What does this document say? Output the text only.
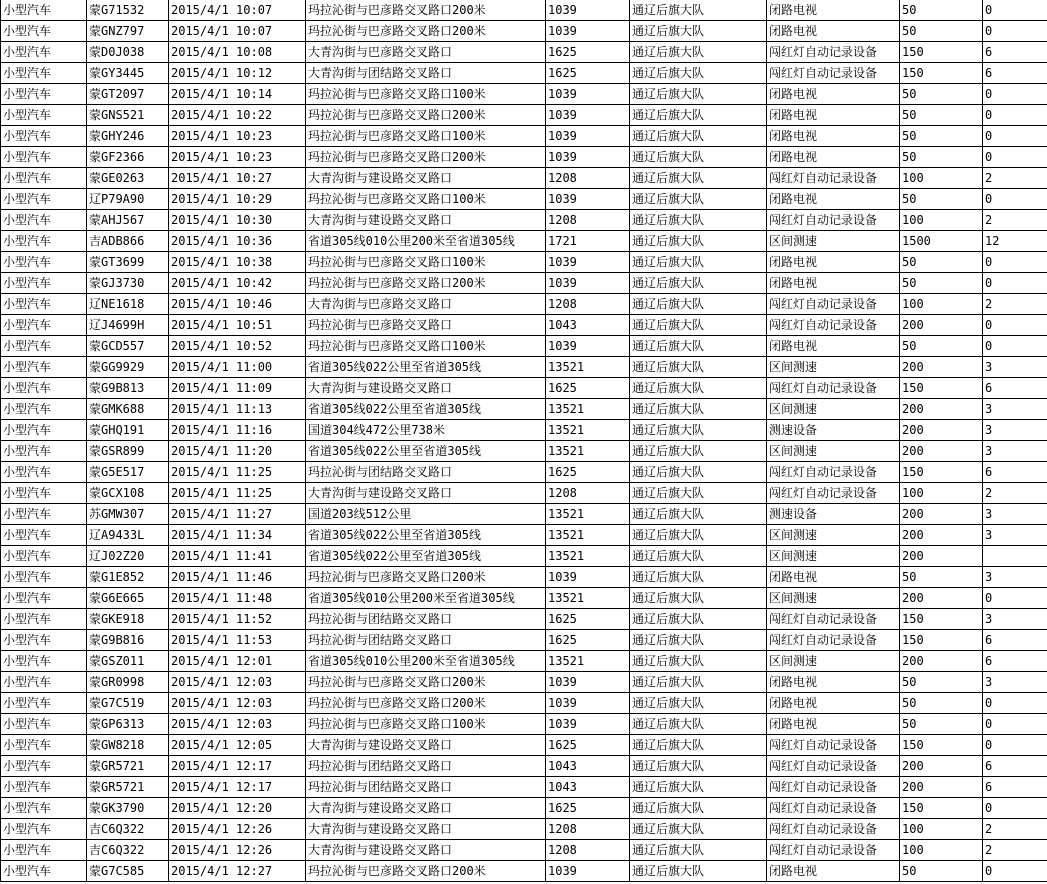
小型汽车	蒙G71532	2015/4/1 10:07	玛拉沁街与巴彦路交叉路口200米	1039	通辽后旗大队	闭路电视	50	0
小型汽车	蒙GNZ797	2015/4/1 10:07	玛拉沁街与巴彦路交叉路口200米	1039	通辽后旗大队	闭路电视	50	0
小型汽车	蒙D0J038	2015/4/1 10:08	大青沟街与巴彦路交叉路口	1625	通辽后旗大队	闯红灯自动记录设备	150	6
小型汽车	蒙GY3445	2015/4/1 10:12	大青沟街与团结路交叉路口	1625	通辽后旗大队	闯红灯自动记录设备	150	6
小型汽车	蒙GT2097	2015/4/1 10:14	玛拉沁街与巴彦路交叉路口100米	1039	通辽后旗大队	闭路电视	50	0
小型汽车	蒙GNS521	2015/4/1 10:22	玛拉沁街与巴彦路交叉路口200米	1039	通辽后旗大队	闭路电视	50	0
小型汽车	蒙GHY246	2015/4/1 10:23	玛拉沁街与巴彦路交叉路口100米	1039	通辽后旗大队	闭路电视	50	0
小型汽车	蒙GF2366	2015/4/1 10:23	玛拉沁街与巴彦路交叉路口200米	1039	通辽后旗大队	闭路电视	50	0
小型汽车	蒙GE0263	2015/4/1 10:27	大青沟街与建设路交叉路口	1208	通辽后旗大队	闯红灯自动记录设备	100	2
小型汽车	辽P79A90	2015/4/1 10:29	玛拉沁街与巴彦路交叉路口100米	1039	通辽后旗大队	闭路电视	50	0
小型汽车	蒙AHJ567	2015/4/1 10:30	大青沟街与建设路交叉路口	1208	通辽后旗大队	闯红灯自动记录设备	100	2
小型汽车	吉ADB866	2015/4/1 10:36	省道305线010公里200米至省道305线	1721	通辽后旗大队	区间测速	1500	12
小型汽车	蒙GT3699	2015/4/1 10:38	玛拉沁街与巴彦路交叉路口100米	1039	通辽后旗大队	闭路电视	50	0
小型汽车	蒙GJ3730	2015/4/1 10:42	玛拉沁街与巴彦路交叉路口200米	1039	通辽后旗大队	闭路电视	50	0
小型汽车	辽NE1618	2015/4/1 10:46	大青沟街与巴彦路交叉路口	1208	通辽后旗大队	闯红灯自动记录设备	100	2
小型汽车	辽J4699H	2015/4/1 10:51	玛拉沁街与巴彦路交叉路口	1043	通辽后旗大队	闯红灯自动记录设备	200	0
小型汽车	蒙GCD557	2015/4/1 10:52	玛拉沁街与巴彦路交叉路口100米	1039	通辽后旗大队	闭路电视	50	0
小型汽车	蒙GG9929	2015/4/1 11:00	省道305线022公里至省道305线	13521	通辽后旗大队	区间测速	200	3
小型汽车	蒙G9B813	2015/4/1 11:09	大青沟街与建设路交叉路口	1625	通辽后旗大队	闯红灯自动记录设备	150	6
小型汽车	蒙GMK688	2015/4/1 11:13	省道305线022公里至省道305线	13521	通辽后旗大队	区间测速	200	3
小型汽车	蒙GHQ191	2015/4/1 11:16	国道304线472公里738米	13521	通辽后旗大队	测速设备	200	3
小型汽车	蒙GSR899	2015/4/1 11:20	省道305线022公里至省道305线	13521	通辽后旗大队	区间测速	200	3
小型汽车	蒙G5E517	2015/4/1 11:25	玛拉沁街与团结路交叉路口	1625	通辽后旗大队	闯红灯自动记录设备	150	6
小型汽车	蒙GCX108	2015/4/1 11:25	大青沟街与建设路交叉路口	1208	通辽后旗大队	闯红灯自动记录设备	100	2
小型汽车	苏GMW307	2015/4/1 11:27	国道203线512公里	13521	通辽后旗大队	测速设备	200	3
小型汽车	辽A9433L	2015/4/1 11:34	省道305线022公里至省道305线	13521	通辽后旗大队	区间测速	200	3
小型汽车	辽J02Z20	2015/4/1 11:41	省道305线022公里至省道305线	13521	通辽后旗大队	区间测速	200	
小型汽车	蒙G1E852	2015/4/1 11:46	玛拉沁街与巴彦路交叉路口200米	1039	通辽后旗大队	闭路电视	50	3
小型汽车	蒙G6E665	2015/4/1 11:48	省道305线010公里200米至省道305线	13521	通辽后旗大队	区间测速	200	0
小型汽车	蒙GKE918	2015/4/1 11:52	玛拉沁街与团结路交叉路口	1625	通辽后旗大队	闯红灯自动记录设备	150	3
小型汽车	蒙G9B816	2015/4/1 11:53	玛拉沁街与团结路交叉路口	1625	通辽后旗大队	闯红灯自动记录设备	150	6
小型汽车	蒙GSZ011	2015/4/1 12:01	省道305线010公里200米至省道305线	13521	通辽后旗大队	区间测速	200	6
小型汽车	蒙GR0998	2015/4/1 12:03	玛拉沁街与巴彦路交叉路口200米	1039	通辽后旗大队	闭路电视	50	3
小型汽车	蒙G7C519	2015/4/1 12:03	玛拉沁街与巴彦路交叉路口200米	1039	通辽后旗大队	闭路电视	50	0
小型汽车	蒙GP6313	2015/4/1 12:03	玛拉沁街与巴彦路交叉路口100米	1039	通辽后旗大队	闭路电视	50	0
小型汽车	蒙GW8218	2015/4/1 12:05	大青沟街与建设路交叉路口	1625	通辽后旗大队	闯红灯自动记录设备	150	0
小型汽车	蒙GR5721	2015/4/1 12:17	玛拉沁街与团结路交叉路口	1043	通辽后旗大队	闯红灯自动记录设备	200	6
小型汽车	蒙GR5721	2015/4/1 12:17	玛拉沁街与团结路交叉路口	1043	通辽后旗大队	闯红灯自动记录设备	200	6
小型汽车	蒙GK3790	2015/4/1 12:20	大青沟街与建设路交叉路口	1625	通辽后旗大队	闯红灯自动记录设备	150	0
小型汽车	吉C6Q322	2015/4/1 12:26	大青沟街与建设路交叉路口	1208	通辽后旗大队	闯红灯自动记录设备	100	2
小型汽车	吉C6Q322	2015/4/1 12:26	大青沟街与建设路交叉路口	1208	通辽后旗大队	闯红灯自动记录设备	100	2
小型汽车	蒙G7C585	2015/4/1 12:27	玛拉沁街与巴彦路交叉路口200米	1039	通辽后旗大队	闭路电视	50	0
